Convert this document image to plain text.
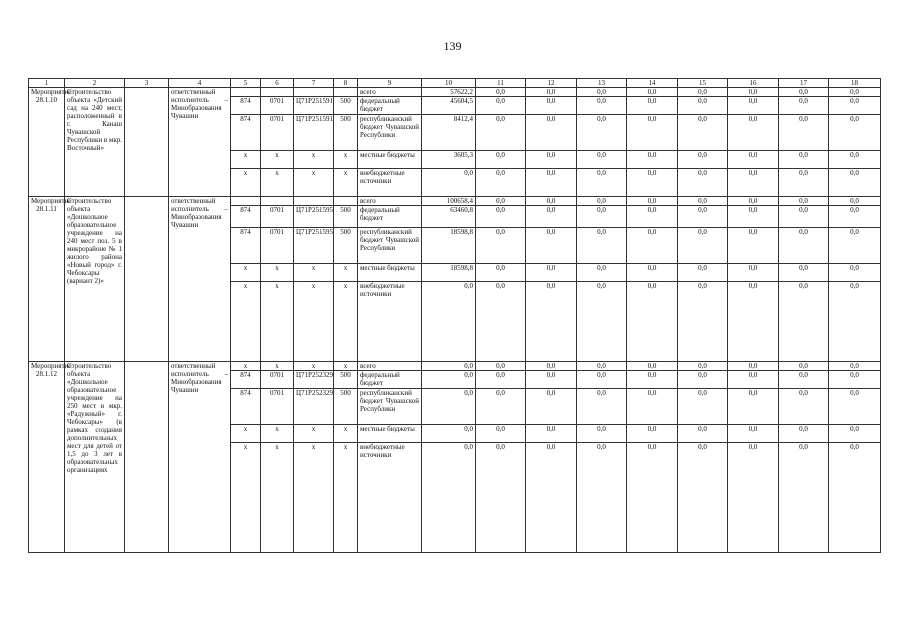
139
1	2	3	4	5	6	7	8	9	10	11	12	13	14	15	16	17	18
Мероприятие 28.1.10	Строительство объекта «Детский сад на 240 мест, расположенный в г. Канаш Чувашской Республики в мкр. Восточный»		ответственный исполнитель – Минобразования Чувашии					всего	57622,2	0,0	0,0	0,0	0,0	0,0	0,0	0,0	0,0
				874	0701	Ц71Р251591	500	федеральный бюджет	45604,5	0,0	0,0	0,0	0,0	0,0	0,0	0,0	0,0
				874	0701	Ц71Р251591	500	республиканский бюджет Чувашской Республики	8412,4	0,0	0,0	0,0	0,0	0,0	0,0	0,0	0,0
				x	x	x	x	местные бюджеты	3605,3	0,0	0,0	0,0	0,0	0,0	0,0	0,0	0,0
				x	x	x	x	внебюджетные источники	0,0	0,0	0,0	0,0	0,0	0,0	0,0	0,0	0,0
Мероприятие 28.1.11	Строительство объекта «Дошкольное образовательное учреждение на 240 мест поз. 5 в микрорайоне № 1 жилого района «Новый город» г. Чебоксары (вариант 2)»		ответственный исполнитель – Минобразования Чувашии					всего	100658,4	0,0	0,0	0,0	0,0	0,0	0,0	0,0	0,0
				874	0701	Ц71Р251595	500	федеральный бюджет	63460,8	0,0	0,0	0,0	0,0	0,0	0,0	0,0	0,0
				874	0701	Ц71Р251595	500	республиканский бюджет Чувашской Республики	18598,8	0,0	0,0	0,0	0,0	0,0	0,0	0,0	0,0
				x	x	x	x	местные бюджеты	18598,8	0,0	0,0	0,0	0,0	0,0	0,0	0,0	0,0
				x	x	x	x	внебюджетные источники	0,0	0,0	0,0	0,0	0,0	0,0	0,0	0,0	0,0
Мероприятие 28.1.12	Строительство объекта «Дошкольное образовательное учреждение на 250 мест в мкр. «Радужный» г. Чебоксары» (в рамках создания дополнительных мест для детей от 1,5 до 3 лет в образовательных организациях		ответственный исполнитель – Минобразования Чувашии	x	x	x	x	всего	0,0	0,0	0,0	0,0	0,0	0,0	0,0	0,0	0,0
				874	0701	Ц71Р252329	500	федеральный бюджет	0,0	0,0	0,0	0,0	0,0	0,0	0,0	0,0	0,0
				874	0701	Ц71Р252329	500	республиканский бюджет Чувашской Республики	0,0	0,0	0,0	0,0	0,0	0,0	0,0	0,0	0,0
				x	x	x	x	местные бюджеты	0,0	0,0	0,0	0,0	0,0	0,0	0,0	0,0	0,0
				x	x	x	x	внебюджетные источники	0,0	0,0	0,0	0,0	0,0	0,0	0,0	0,0	0,0
